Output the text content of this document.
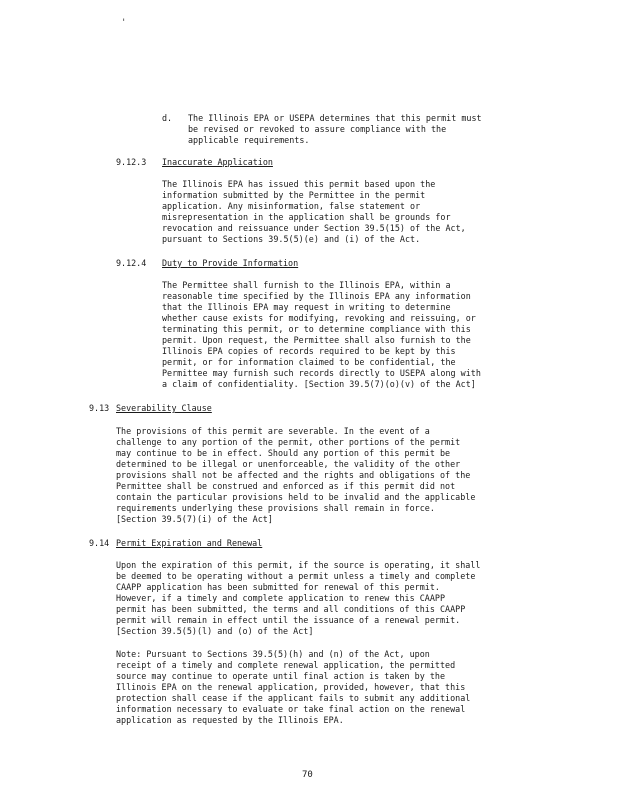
'
d. The Illinois EPA or USEPA determines that this permit must
be revised or revoked to assure compliance with the
applicable requirements.
9.12.3 Inaccurate Application
The Illinois EPA has issued this permit based upon the
information submitted by the Permittee in the permit
application. Any misinformation, false statement or
misrepresentation in the application shall be grounds for
revocation and reissuance under Section 39.5(15) of the Act,
pursuant to Sections 39.5(5)(e) and (i) of the Act.
9.12.4 Duty to Provide Information
The Permittee shall furnish to the Illinois EPA, within a
reasonable time specified by the Illinois EPA any information
that the Illinois EPA may request in writing to determine
whether cause exists for modifying, revoking and reissuing, or
terminating this permit, or to determine compliance with this
permit. Upon request, the Permittee shall also furnish to the
Illinois EPA copies of records required to be kept by this
permit, or for information claimed to be confidential, the
Permittee may furnish such records directly to USEPA along with
a claim of confidentiality. [Section 39.5(7)(o)(v) of the Act]
9.13 Severability Clause
The provisions of this permit are severable. In the event of a
challenge to any portion of the permit, other portions of the permit
may continue to be in effect. Should any portion of this permit be
determined to be illegal or unenforceable, the validity of the other
provisions shall not be affected and the rights and obligations of the
Permittee shall be construed and enforced as if this permit did not
contain the particular provisions held to be invalid and the applicable
requirements underlying these provisions shall remain in force.
[Section 39.5(7)(i) of the Act]
9.14 Permit Expiration and Renewal
Upon the expiration of this permit, if the source is operating, it shall
be deemed to be operating without a permit unless a timely and complete
CAAPP application has been submitted for renewal of this permit.
However, if a timely and complete application to renew this CAAPP
permit has been submitted, the terms and all conditions of this CAAPP
permit will remain in effect until the issuance of a renewal permit.
[Section 39.5(5)(l) and (o) of the Act]
Note: Pursuant to Sections 39.5(5)(h) and (n) of the Act, upon
receipt of a timely and complete renewal application, the permitted
source may continue to operate until final action is taken by the
Illinois EPA on the renewal application, provided, however, that this
protection shall cease if the applicant fails to submit any additional
information necessary to evaluate or take final action on the renewal
application as requested by the Illinois EPA.
70
